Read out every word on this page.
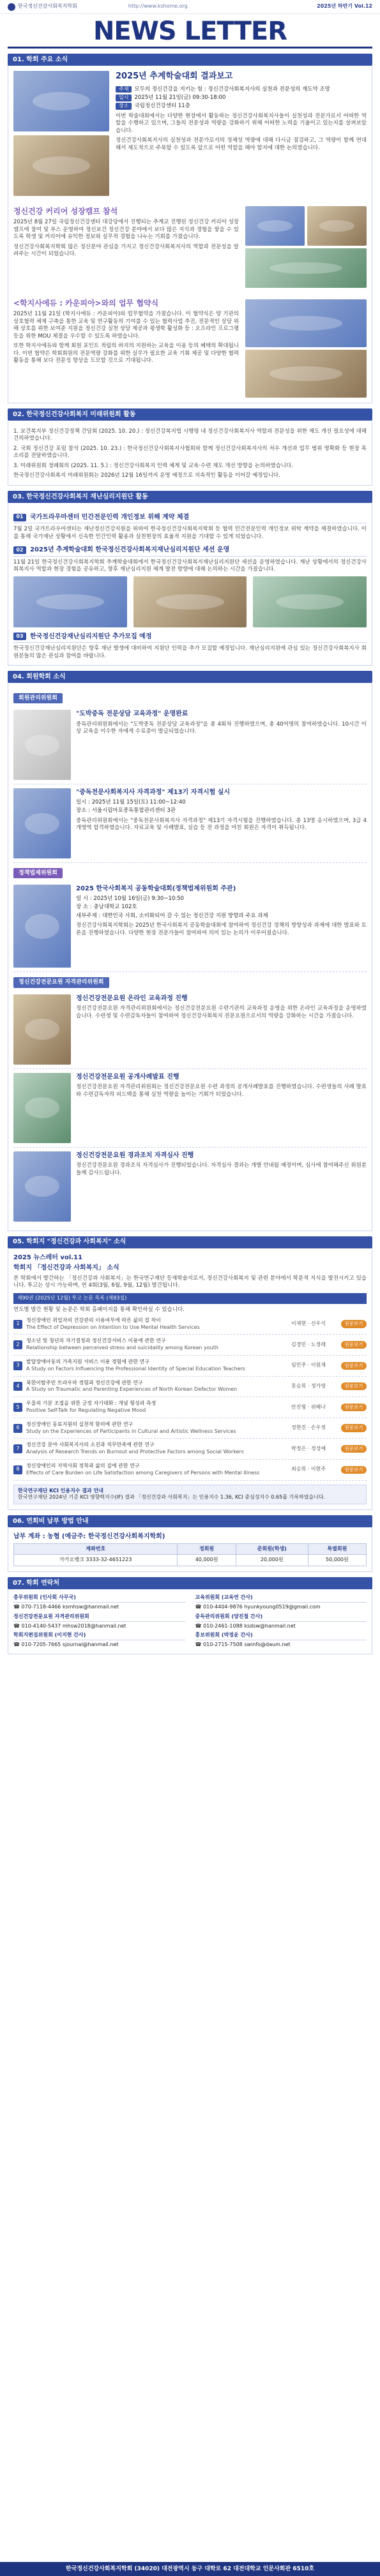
한국정신건강사회복지학회	http://www.kshome.org	2025년 하반기 Vol.12
NEWS LETTER
01. 학회 주요 소식
2025년 추계학술대회 결과보고
주제 모두의 정신건강을 지키는 힘 : 정신건강사회복지사의 실천과 전문성의 재도약 조망
일시 2025년 11월 21일(금) 09:30-18:00
장소 국립정신건강센터 11층

이번 학술대회에서는 다양한 현장에서 활동하는 정신건강사회복지사들이 실천성과 전문가로서 어떠한 역할을 수행하고 있으며, 그들의 전문성과 역량을 강화하기 위해 어떠한 노력을 기울이고 있는지를 살펴보았습니다.

정신건강사회복지사의 실천성과 전문가로서의 정체성 역량에 대해 다시금 점검하고, 그 역량이 함께 연대해서 제도적으로 주목할 수 있도록 앞으로 어떤 역할을 해야 할지에 대한 논의였습니다.

정신건강 커리어 성장캠프 참석

2025년 8월 27일 국립정신건강센터 대강당에서 진행되는 추계교 진행된 정신건강 커리어 성장 캠프에 참여 및 부스 운영하여 정신보건 정신건강 분야에서 보다 많은 지식과 경험을 쌓을 수 있도록 학생 및 커리어에 유익한 정보와 실무적 경험을 나누는 기회를 가졌습니다.

정신건강사회복지학회 많은 정신분야 관심을 가지고 정신건강사회복지사의 역할과 전문성을 알려주는 시간이 되었습니다.

<학지사에듀 : 카운피아>와의 업무 협약식

2025년 11월 21일 (학지사에듀 : 카운피아)와 업무협약을 가졌습니다. 이 협약식은 양 기관의 상호협력 체제 구축을 통한 교육 및 연구활동의 기여를 수 있는 협력사업 추진, 전문적인 상담 위해 상호를 위한 보여준 지원을 정신건강 실천 상담 제공과 평생학 활성화 등 : 오프라인 프로그램 등을 위한 MOU 체결을 우수할 수 있도록 하였습니다.

또한 학지사에듀와 함께 회원 포인트 적립의 하지의 지원하는 교육을 이용 등의 혜택의 확대됩니다. 이번 협약은 학회회원의 전문역량 강화를 위한 실무가 필요한 교육 기회 제공 및 다양한 협력활동을 통해 보다 전문성 향상을 도모할 것으로 기대됩니다.

02. 한국정신건강사회복지 미래위원회 활동

1. 보건복지부 정신건강정책 간담회 (2025. 10. 20.) : 정신건강복지법 시행령 내 정신건강사회복지사 역할과 전문성을 위한 제도 개선 필요성에 대해 건의하였습니다.

2. 국회 정신건강 포럼 참석 (2025. 10. 23.) : 한국정신건강사회복지사협회와 함께 정신건강사회복지사의 처우 개선과 업무 범위 명확화 등 현장 목소리를 전달하였습니다.

3. 미래위원회 정례회의 (2025. 11. 5.) : 정신건강사회복지 인력 체계 및 교육·수련 제도 개선 방향을 논의하였습니다.

한국정신건강사회복지 미래위원회는 2026년 12월 16일까지 운영 예정으로 지속적인 활동을 이어갈 예정입니다.

03. 한국정신건강사회복지 재난심리지원단 활동
01	국가트라우마센터 민간전문인력 개인정보 위해 계약 체결

7월 2일 국가트라우마센터는 재난정신건강지원을 위하여 한국정신건강사회복지학회 등 협력 민간전문인력 개인정보 위탁 계약을 체결하였습니다. 이를 통해 국가재난 상황에서 신속한 민간인력 활용과 실천현장의 효율적 지원을 기대할 수 있게 되었습니다.

02	2025년 추계학술대회 한국정신건강사회복지재난심리지원단 세션 운영

11월 21일 한국정신건강사회복지학회 추계학술대회에서 한국정신건강사회복지재난심리지원단 세션을 운영하였습니다. 재난 상황에서의 정신건강사회복지사 역할과 현장 경험을 공유하고, 향후 재난심리지원 체계 발전 방향에 대해 논의하는 시간을 가졌습니다.

03	한국정신건강재난심리지원단 추가모집 예정

한국정신건강재난심리지원단은 향후 재난 발생에 대비하여 지원단 인력을 추가 모집할 예정입니다. 재난심리지원에 관심 있는 정신건강사회복지사 회원분들의 많은 관심과 참여를 바랍니다.

04. 회원학회 소식
회원관리위원회
"도박중독 전문상담 교육과정" 운영완료

중독관리위원회에서는 "도박중독 전문상담 교육과정"을 총 4회차 진행하였으며, 총 40여명의 참여하였습니다. 10시간 이상 교육을 이수한 자에게 수료증이 발급되었습니다.

"중독전문사회복지사 자격과정" 제13기 자격시험 실시
일시 : 2025년 11월 15일(토) 11:00~12:40
장소 : 서울시립마포중독통합관리센터 3관

중독관리위원회에서는 "중독전문사회복지사 자격과정" 제13기 자격시험을 진행하였습니다. 총 13명 응시하였으며, 3급 4개영역 합격하였습니다. 자료교육 및 사례발표, 실습 등 전 과정을 마친 회원은 자격이 취득됩니다.

정책법제위원회
2025 한국사회복지 공동학술대회(정책법제위원회 주관)
일 시 : 2025년 10월 16일(금) 9:30~10:50
장 소 : 충남대학교 102호
세부주제 : 대한민국 사회, 소비화되어 갈 수 있는 정신건강 지원 방향과 주요 과제

정신건강사회복지학회는 2025년 한국사회복지 공동학술대회에 참여하여 정신건강 정책의 방향성과 과제에 대한 발표와 토론을 진행하였습니다. 다양한 현장 전문가들이 참여하여 의미 있는 논의가 이루어졌습니다.

정신건강전문요원 자격관리위원회
정신건강전문요원 온라인 교육과정 진행

정신건강전문요원 자격관리위원회에서는 정신건강전문요원 수련기관의 교육과정 운영을 위한 온라인 교육과정을 운영하였습니다. 수련생 및 수련감독자들이 참여하여 정신건강사회복지 전문요원으로서의 역량을 강화하는 시간을 가졌습니다.

정신건강전문요원 공개사례발표 진행

정신건강전문요원 자격관리위원회는 정신건강전문요원 수련 과정의 공개사례발표를 진행하였습니다. 수련생들의 사례 발표와 수련감독자의 피드백을 통해 실천 역량을 높이는 기회가 되었습니다.

정신건강전문요원 경과조치 자격심사 진행

정신건강전문요원 경과조치 자격심사가 진행되었습니다. 자격심사 결과는 개별 안내될 예정이며, 심사에 참여해주신 위원분들께 감사드립니다.

05. 학회지 "정신건강과 사회복지" 소식
2025 뉴스레터 vol.11
학회지 「정신건강과 사회복지」 소식

본 학회에서 발간하는 「정신건강과 사회복지」는 한국연구재단 등재학술지로서, 정신건강사회복지 및 관련 분야에서 학문적 지식을 발전시키고 있습니다. 투고는 상시 가능하며, 연 4회(3월, 6월, 9월, 12월) 발간됩니다.

제90권 (2025년 12월) 투고 논문 목록 (제93집)

연도별 발간 현황 및 논문은 학회 홈페이지를 통해 확인하실 수 있습니다.

1
정신장애인 취업자의 건강관리 이용여부에 따른 삶의 질 차이
The Effect of Depression on Intention to Use Mental Health Services
이재현 · 신우식	원문보기
2
청소년 및 청년의 자기결정과 정신건강서비스 이용에 관한 연구
Relationship between perceived stress and suicidality among Korean youth
김경민 · 노정래	원문보기
3
발달장애아동의 가족지원 서비스 이용 경험에 관한 연구
A Study on Factors Influencing the Professional Identity of Special Education Teachers
임민주 · 이원재	원문보기
4
북한이탈주민 트라우마 경험과 정신건강에 관한 연구
A Study on Traumatic and Parenting Experiences of North Korean Defector Women
홍승희 · 정가영	원문보기
5
우울의 기분 조절을 위한 긍정 자기대화 : 개념 형성과 측정
Positive Self-Talk for Regulating Negative Mood
안진형 · 위혜나	원문보기
6
정신장애인 동료지원의 실천적 함의에 관한 연구
Study on the Experiences of Participants in Cultural and Artistic Wellness Services
정현진 · 손우정	원문보기
7
정신건강 분야 사회복지사의 소진과 직무만족에 관한 연구
Analysis of Research Trends on Burnout and Protective Factors among Social Workers
박정은 · 정성예	원문보기
8
정신장애인의 지역사회 정착과 삶의 질에 관한 연구
Effects of Care Burden on Life Satisfaction among Caregivers of Persons with Mental Illness
최승희 · 이현주	원문보기
한국연구재단 KCI 인용지수 결과 안내
한국연구재단 2024년 기준 KCI 영향력지수(IF) 결과 「정신건강과 사회복지」는 인용지수 1.36, KCI 중심성지수 0.65를 기록하였습니다.
06. 연회비 납부 방법 안내
납부 계좌 : 농협 (예금주: 한국정신건강사회복지학회)
계좌번호	정회원	준회원(학생)	특별회원
카카오뱅크 3333-32-4651223	40,000원	20,000원	50,000원
07. 학회 연락처
총무위원회 (인사회 사무국)
☎ 070-7118-4466 ksmhsw@hanmail.net
교육위원회 (교육연 간사)
☎ 010-4404-9876 hyunkyoung0519@gmail.com
정신건강전문요원 자격관리위원회
☎ 010-4140-5437 mhsw2018@hanmail.net
중독관리위원회 (양진철 간사)
☎ 010-2461-1088 ksdsw@hanmail.net
학회지편집위원회 (이지현 간사)
☎ 010-7205-7665 sjournal@hanmail.net
홍보위원회 (박정운 간사)
☎ 010-2715-7508 swinfo@daum.net
한국정신건강사회복지학회 (34020) 대전광역시 동구 대학로 62 대전대학교 인문사회관 6510호
